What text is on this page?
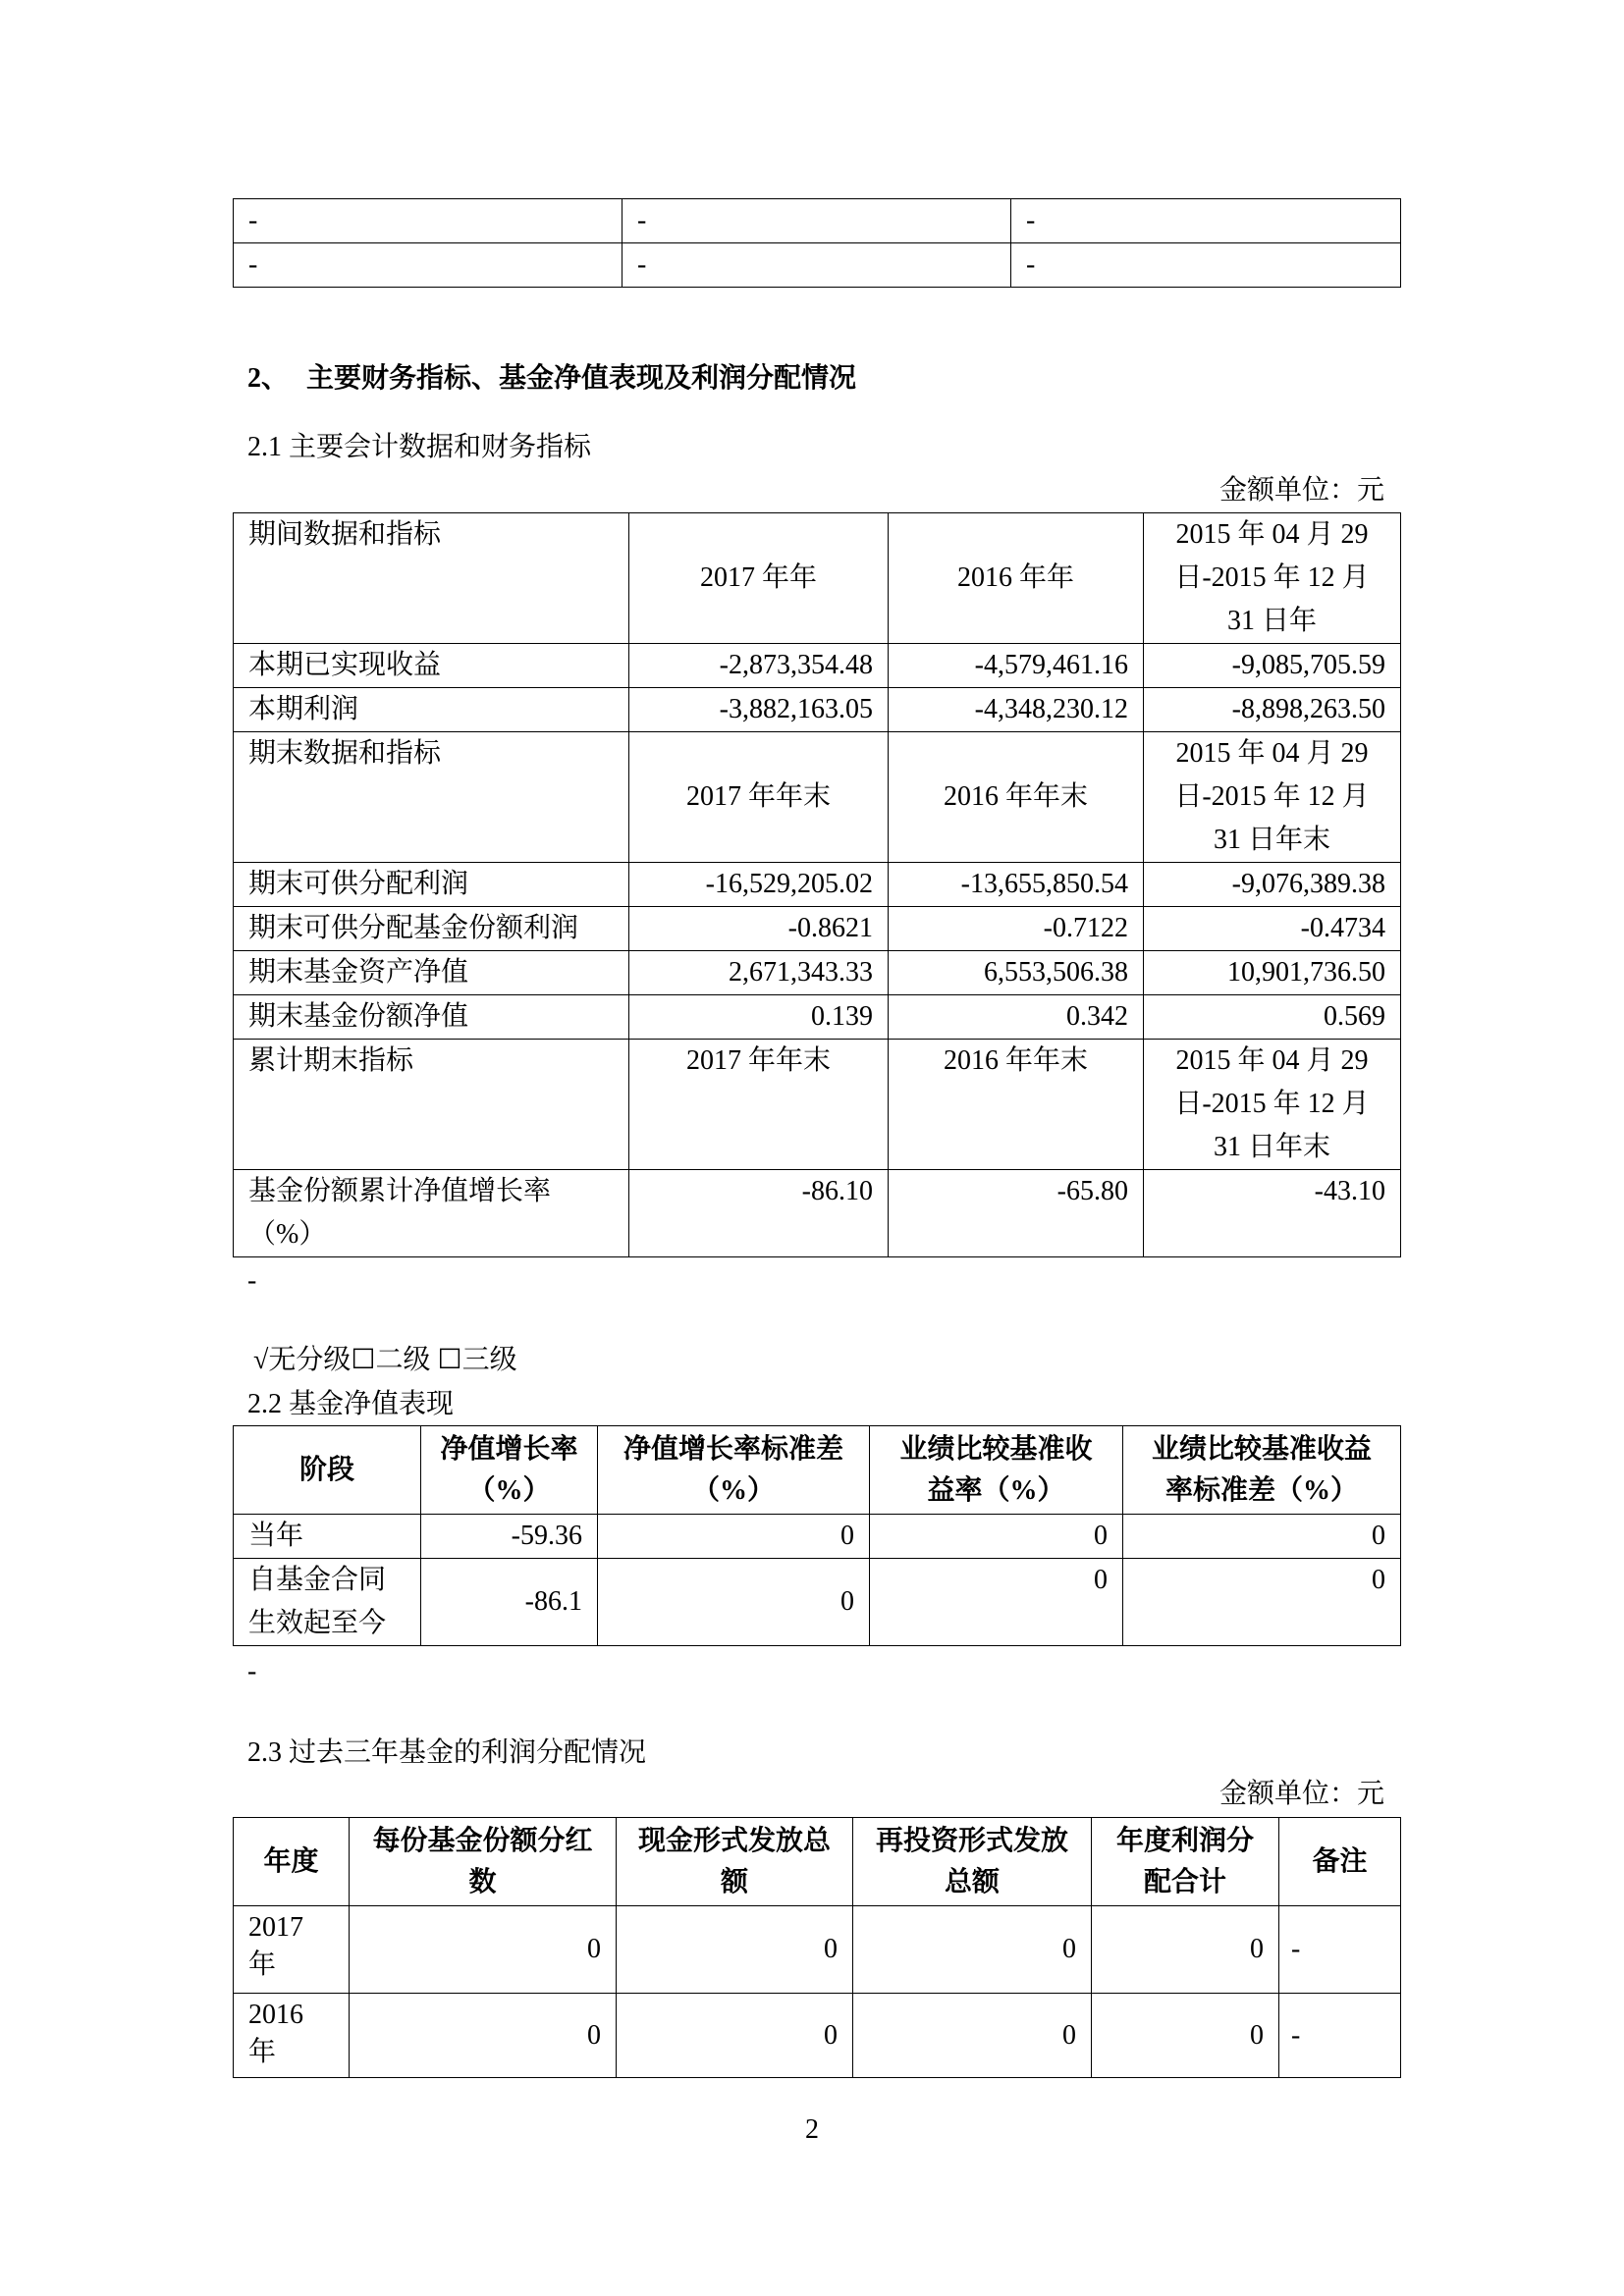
-	-	-
-	-	-
2、 主要财务指标、基金净值表现及利润分配情况
2.1 主要会计数据和财务指标
金额单位：元
期间数据和指标	2017 年年	2016 年年	2015 年 04 月 29
日-2015 年 12 月
31 日年

本期已实现收益	-2,873,354.48	-4,579,461.16	-9,085,705.59
本期利润	-3,882,163.05	-4,348,230.12	-8,898,263.50
期末数据和指标	2017 年年末	2016 年年末	2015 年 04 月 29
日-2015 年 12 月
31 日年末

期末可供分配利润	-16,529,205.02	-13,655,850.54	-9,076,389.38
期末可供分配基金份额利润	-0.8621	-0.7122	-0.4734
期末基金资产净值	2,671,343.33	6,553,506.38	10,901,736.50
期末基金份额净值	0.139	0.342	0.569
累计期末指标	2017 年年末	2016 年年末	2015 年 04 月 29
日-2015 年 12 月
31 日年末

基金份额累计净值增长率
（%）	-86.10	-65.80	-43.10
-
√无分级☐二级 ☐三级
2.2 基金净值表现
阶段	净值增长率
（%）	净值增长率标准差
（%）	业绩比较基准收
益率（%）	业绩比较基准收益
率标准差（%）

当年	-59.36	0	0	0

自基金合同
生效起至今	-86.1	0	0	0
-
2.3 过去三年基金的利润分配情况
金额单位：元
年度	每份基金份额分红
数	现金形式发放总
额	再投资形式发放
总额	年度利润分
配合计	备注

2017
年	0	0	0	0	-

2016
年	0	0	0	0	-
2
